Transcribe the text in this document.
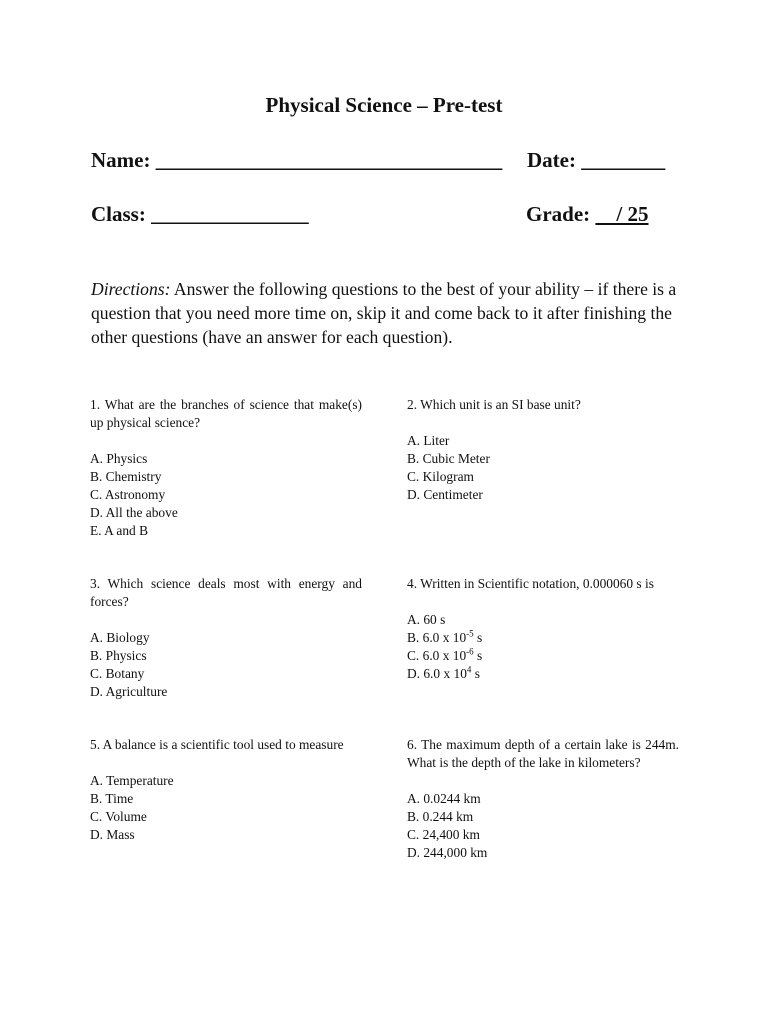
Physical Science – Pre-test
Name: _________________________________ Date: ________
Class: _______________	Grade:     / 25
Directions: Answer the following questions to the best of your ability – if there is a question that you need more time on, skip it and come back to it after finishing the other questions (have an answer for each question).
1. What are the branches of science that make(s) up physical science?
A. Physics
B. Chemistry
C. Astronomy
D. All the above
E. A and B
2. Which unit is an SI base unit?
A. Liter
B. Cubic Meter
C. Kilogram
D. Centimeter
3. Which science deals most with energy and forces?
A. Biology
B. Physics
C. Botany
D. Agriculture
4. Written in Scientific notation, 0.000060 s is
A. 60 s
B. 6.0 x $10^{-5}$ s
C. 6.0 x $10^{-6}$ s
D. 6.0 x $10^4$ s
5. A balance is a scientific tool used to measure
A. Temperature
B. Time
C. Volume
D. Mass
6. The maximum depth of a certain lake is 244m. What is the depth of the lake in kilometers?
A. 0.0244 km
B. 0.244 km
C. 24,400 km
D. 244,000 km
